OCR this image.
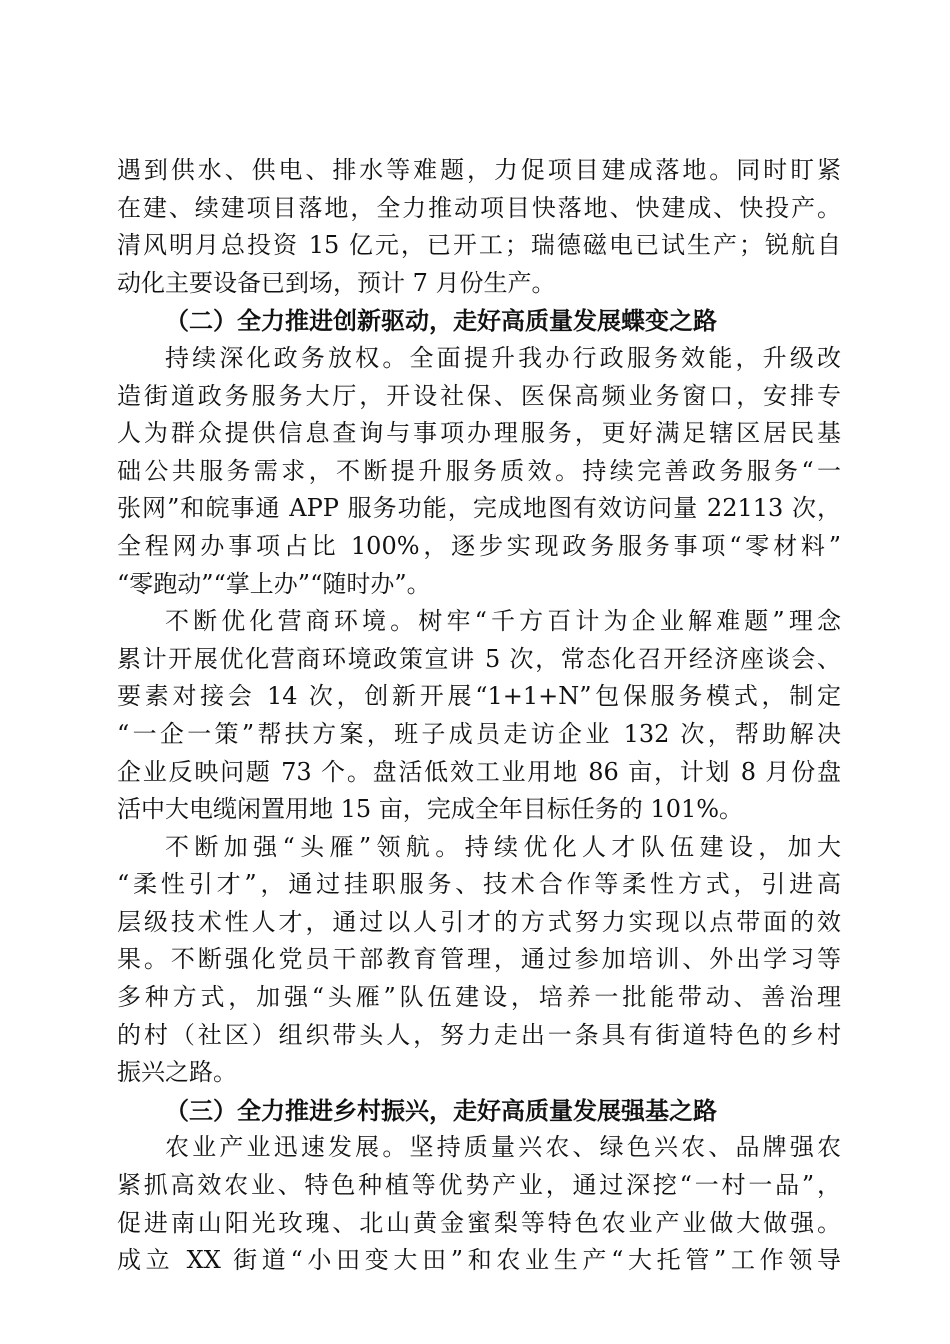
遇到供水、供电、排水等难题，力促项目建成落地。同时盯紧
在建、续建项目落地，全力推动项目快落地、快建成、快投产。
清风明月总投资 15 亿元，已开工；瑞德磁电已试生产；锐航自
动化主要设备已到场，预计 7 月份生产。
（二）全力推进创新驱动，走好高质量发展蝶变之路
持续深化政务放权。全面提升我办行政服务效能，升级改
造街道政务服务大厅，开设社保、医保高频业务窗口，安排专
人为群众提供信息查询与事项办理服务，更好满足辖区居民基
础公共服务需求，不断提升服务质效。持续完善政务服务“一
张网”和皖事通 APP 服务功能，完成地图有效访问量 22113 次，
全程网办事项占比 100%，逐步实现政务服务事项“零材料”
“零跑动”“掌上办”“随时办”。
不断优化营商环境。树牢“千方百计为企业解难题”理念
累计开展优化营商环境政策宣讲 5 次，常态化召开经济座谈会、
要素对接会 14 次，创新开展“1+1+N”包保服务模式，制定
“一企一策”帮扶方案，班子成员走访企业 132 次，帮助解决
企业反映问题 73 个。盘活低效工业用地 86 亩，计划 8 月份盘
活中大电缆闲置用地 15 亩，完成全年目标任务的 101%。
不断加强“头雁”领航。持续优化人才队伍建设，加大
“柔性引才”，通过挂职服务、技术合作等柔性方式，引进高
层级技术性人才，通过以人引才的方式努力实现以点带面的效
果。不断强化党员干部教育管理，通过参加培训、外出学习等
多种方式，加强“头雁”队伍建设，培养一批能带动、善治理
的村（社区）组织带头人，努力走出一条具有街道特色的乡村
振兴之路。
（三）全力推进乡村振兴，走好高质量发展强基之路
农业产业迅速发展。坚持质量兴农、绿色兴农、品牌强农
紧抓高效农业、特色种植等优势产业，通过深挖“一村一品”，
促进南山阳光玫瑰、北山黄金蜜梨等特色农业产业做大做强。
成立 XX 街道“小田变大田”和农业生产“大托管”工作领导
